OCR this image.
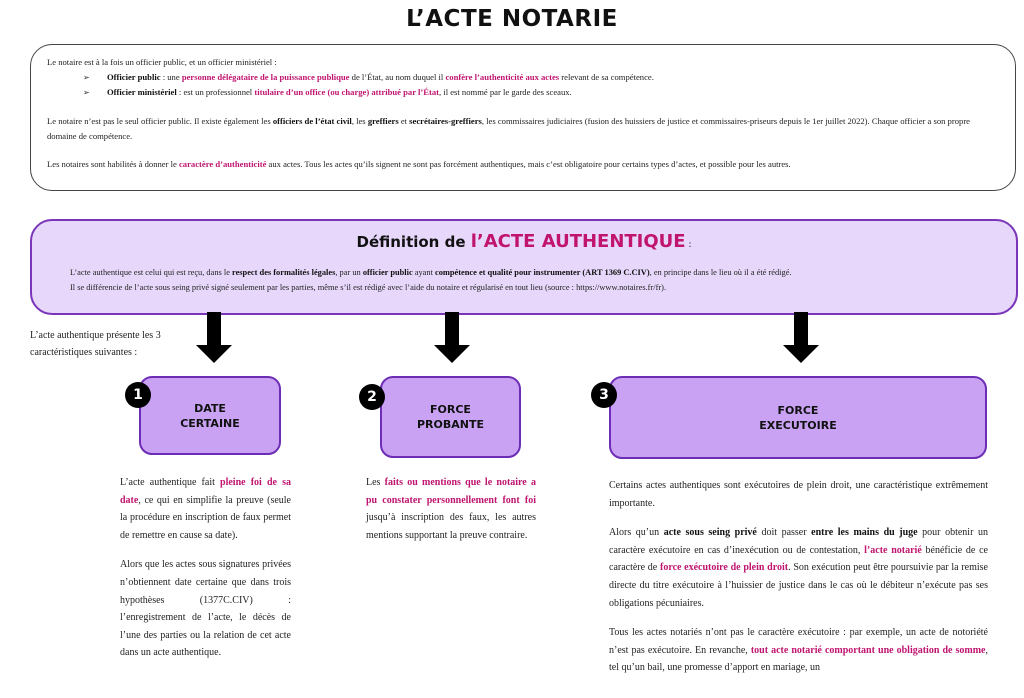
L’ACTE NOTARIE

Le notaire est à la fois un officier public, et un officier ministériel :

➢	Officier public : une personne délégataire de la puissance publique de l’État, au nom duquel il confère l’authenticité aux actes relevant de sa compétence.

➢	Officier ministériel : est un professionnel titulaire d’un office (ou charge) attribué par l’État, il est nommé par le garde des sceaux.

Le notaire n’est pas le seul officier public. Il existe également les officiers de l’état civil, les greffiers et secrétaires-greffiers, les commissaires judiciaires (fusion des huissiers de justice et commissaires-priseurs depuis le 1er juillet 2022). Chaque officier a son propre domaine de compétence.

Les notaires sont habilités à donner le caractère d’authenticité aux actes. Tous les actes qu’ils signent ne sont pas forcément authentiques, mais c’est obligatoire pour certains types d’actes, et possible pour les autres.

Définition de l’ACTE AUTHENTIQUE :
L’acte authentique est celui qui est reçu, dans le respect des formalités légales, par un officier public ayant compétence et qualité pour instrumenter (ART 1369 C.CIV), en principe dans le lieu où il a été rédigé.
Il se différencie de l’acte sous seing privé signé seulement par les parties, même s’il est rédigé avec l’aide du notaire et régularisé en tout lieu (source : https://www.notaires.fr/fr).
L’acte authentique présente les 3 caractéristiques suivantes :
DATE
CERTAINE
1
FORCE
PROBANTE
2
FORCE
EXECUTOIRE
3

L’acte authentique fait pleine foi de sa date, ce qui en simplifie la preuve (seule la procédure en inscription de faux permet de remettre en cause sa date).

Alors que les actes sous signatures privées n’obtiennent date certaine que dans trois hypothèses (1377C.CIV) : l’enregistrement de l’acte, le décès de l’une des parties ou la relation de cet acte dans un acte authentique.

Les faits ou mentions que le notaire a pu constater personnellement font foi jusqu’à inscription des faux, les autres mentions supportant la preuve contraire.

Certains actes authentiques sont exécutoires de plein droit, une caractéristique extrêmement importante.

Alors qu’un acte sous seing privé doit passer entre les mains du juge pour obtenir un caractère exécutoire en cas d’inexécution ou de contestation, l’acte notarié bénéficie de ce caractère de force exécutoire de plein droit. Son exécution peut être poursuivie par la remise directe du titre exécutoire à l’huissier de justice dans le cas où le débiteur n’exécute pas ses obligations pécuniaires.

Tous les actes notariés n’ont pas le caractère exécutoire : par exemple, un acte de notoriété n’est pas exécutoire. En revanche, tout acte notarié comportant une obligation de somme, tel qu’un bail, une promesse d’apport en mariage, un
